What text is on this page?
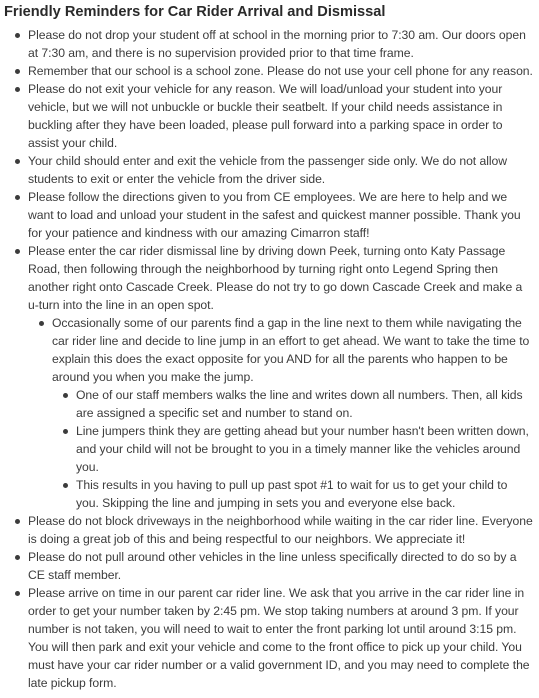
Friendly Reminders for Car Rider Arrival and Dismissal
Please do not drop your student off at school in the morning prior to 7:30 am. Our doors open at 7:30 am, and there is no supervision provided prior to that time frame.
Remember that our school is a school zone. Please do not use your cell phone for any reason.
Please do not exit your vehicle for any reason. We will load/unload your student into your vehicle, but we will not unbuckle or buckle their seatbelt. If your child needs assistance in buckling after they have been loaded, please pull forward into a parking space in order to assist your child.
Your child should enter and exit the vehicle from the passenger side only. We do not allow students to exit or enter the vehicle from the driver side.
Please follow the directions given to you from CE employees. We are here to help and we want to load and unload your student in the safest and quickest manner possible. Thank you for your patience and kindness with our amazing Cimarron staff!
Please enter the car rider dismissal line by driving down Peek, turning onto Katy Passage Road, then following through the neighborhood by turning right onto Legend Spring then another right onto Cascade Creek. Please do not try to go down Cascade Creek and make a u-turn into the line in an open spot.
Occasionally some of our parents find a gap in the line next to them while navigating the car rider line and decide to line jump in an effort to get ahead. We want to take the time to explain this does the exact opposite for you AND for all the parents who happen to be around you when you make the jump.
One of our staff members walks the line and writes down all numbers. Then, all kids are assigned a specific set and number to stand on.
Line jumpers think they are getting ahead but your number hasn't been written down, and your child will not be brought to you in a timely manner like the vehicles around you.
This results in you having to pull up past spot #1 to wait for us to get your child to you. Skipping the line and jumping in sets you and everyone else back.
Please do not block driveways in the neighborhood while waiting in the car rider line. Everyone is doing a great job of this and being respectful to our neighbors. We appreciate it!
Please do not pull around other vehicles in the line unless specifically directed to do so by a CE staff member.
Please arrive on time in our parent car rider line. We ask that you arrive in the car rider line in order to get your number taken by 2:45 pm. We stop taking numbers at around 3 pm. If your number is not taken, you will need to wait to enter the front parking lot until around 3:15 pm. You will then park and exit your vehicle and come to the front office to pick up your child. You must have your car rider number or a valid government ID, and you may need to complete the late pickup form.
